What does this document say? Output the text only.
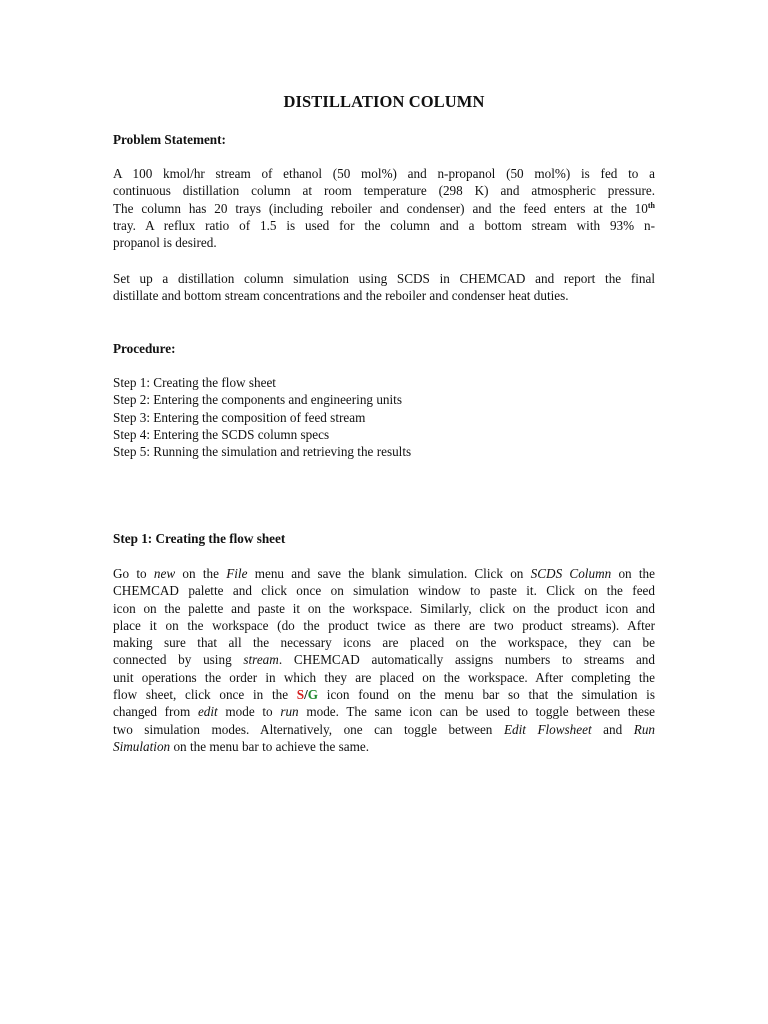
DISTILLATION COLUMN
Problem Statement:
A 100 kmol/hr stream of ethanol (50 mol%) and n-propanol (50 mol%) is fed to a
continuous distillation column at room temperature (298 K) and atmospheric pressure.
The column has 20 trays (including reboiler and condenser) and the feed enters at the 10th
tray. A reflux ratio of 1.5 is used for the column and a bottom stream with 93% n-
propanol is desired.
Set up a distillation column simulation using SCDS in CHEMCAD and report the final
distillate and bottom stream concentrations and the reboiler and condenser heat duties.
Procedure:
Step 1: Creating the flow sheet
Step 2: Entering the components and engineering units
Step 3: Entering the composition of feed stream
Step 4: Entering the SCDS column specs
Step 5: Running the simulation and retrieving the results
Step 1: Creating the flow sheet
Go to new on the File menu and save the blank simulation. Click on SCDS Column on the
CHEMCAD palette and click once on simulation window to paste it. Click on the feed
icon on the palette and paste it on the workspace. Similarly, click on the product icon and
place it on the workspace (do the product twice as there are two product streams). After
making sure that all the necessary icons are placed on the workspace, they can be
connected by using stream. CHEMCAD automatically assigns numbers to streams and
unit operations the order in which they are placed on the workspace. After completing the
flow sheet, click once in the S/G icon found on the menu bar so that the simulation is
changed from edit mode to run mode. The same icon can be used to toggle between these
two simulation modes. Alternatively, one can toggle between Edit Flowsheet and Run
Simulation on the menu bar to achieve the same.
